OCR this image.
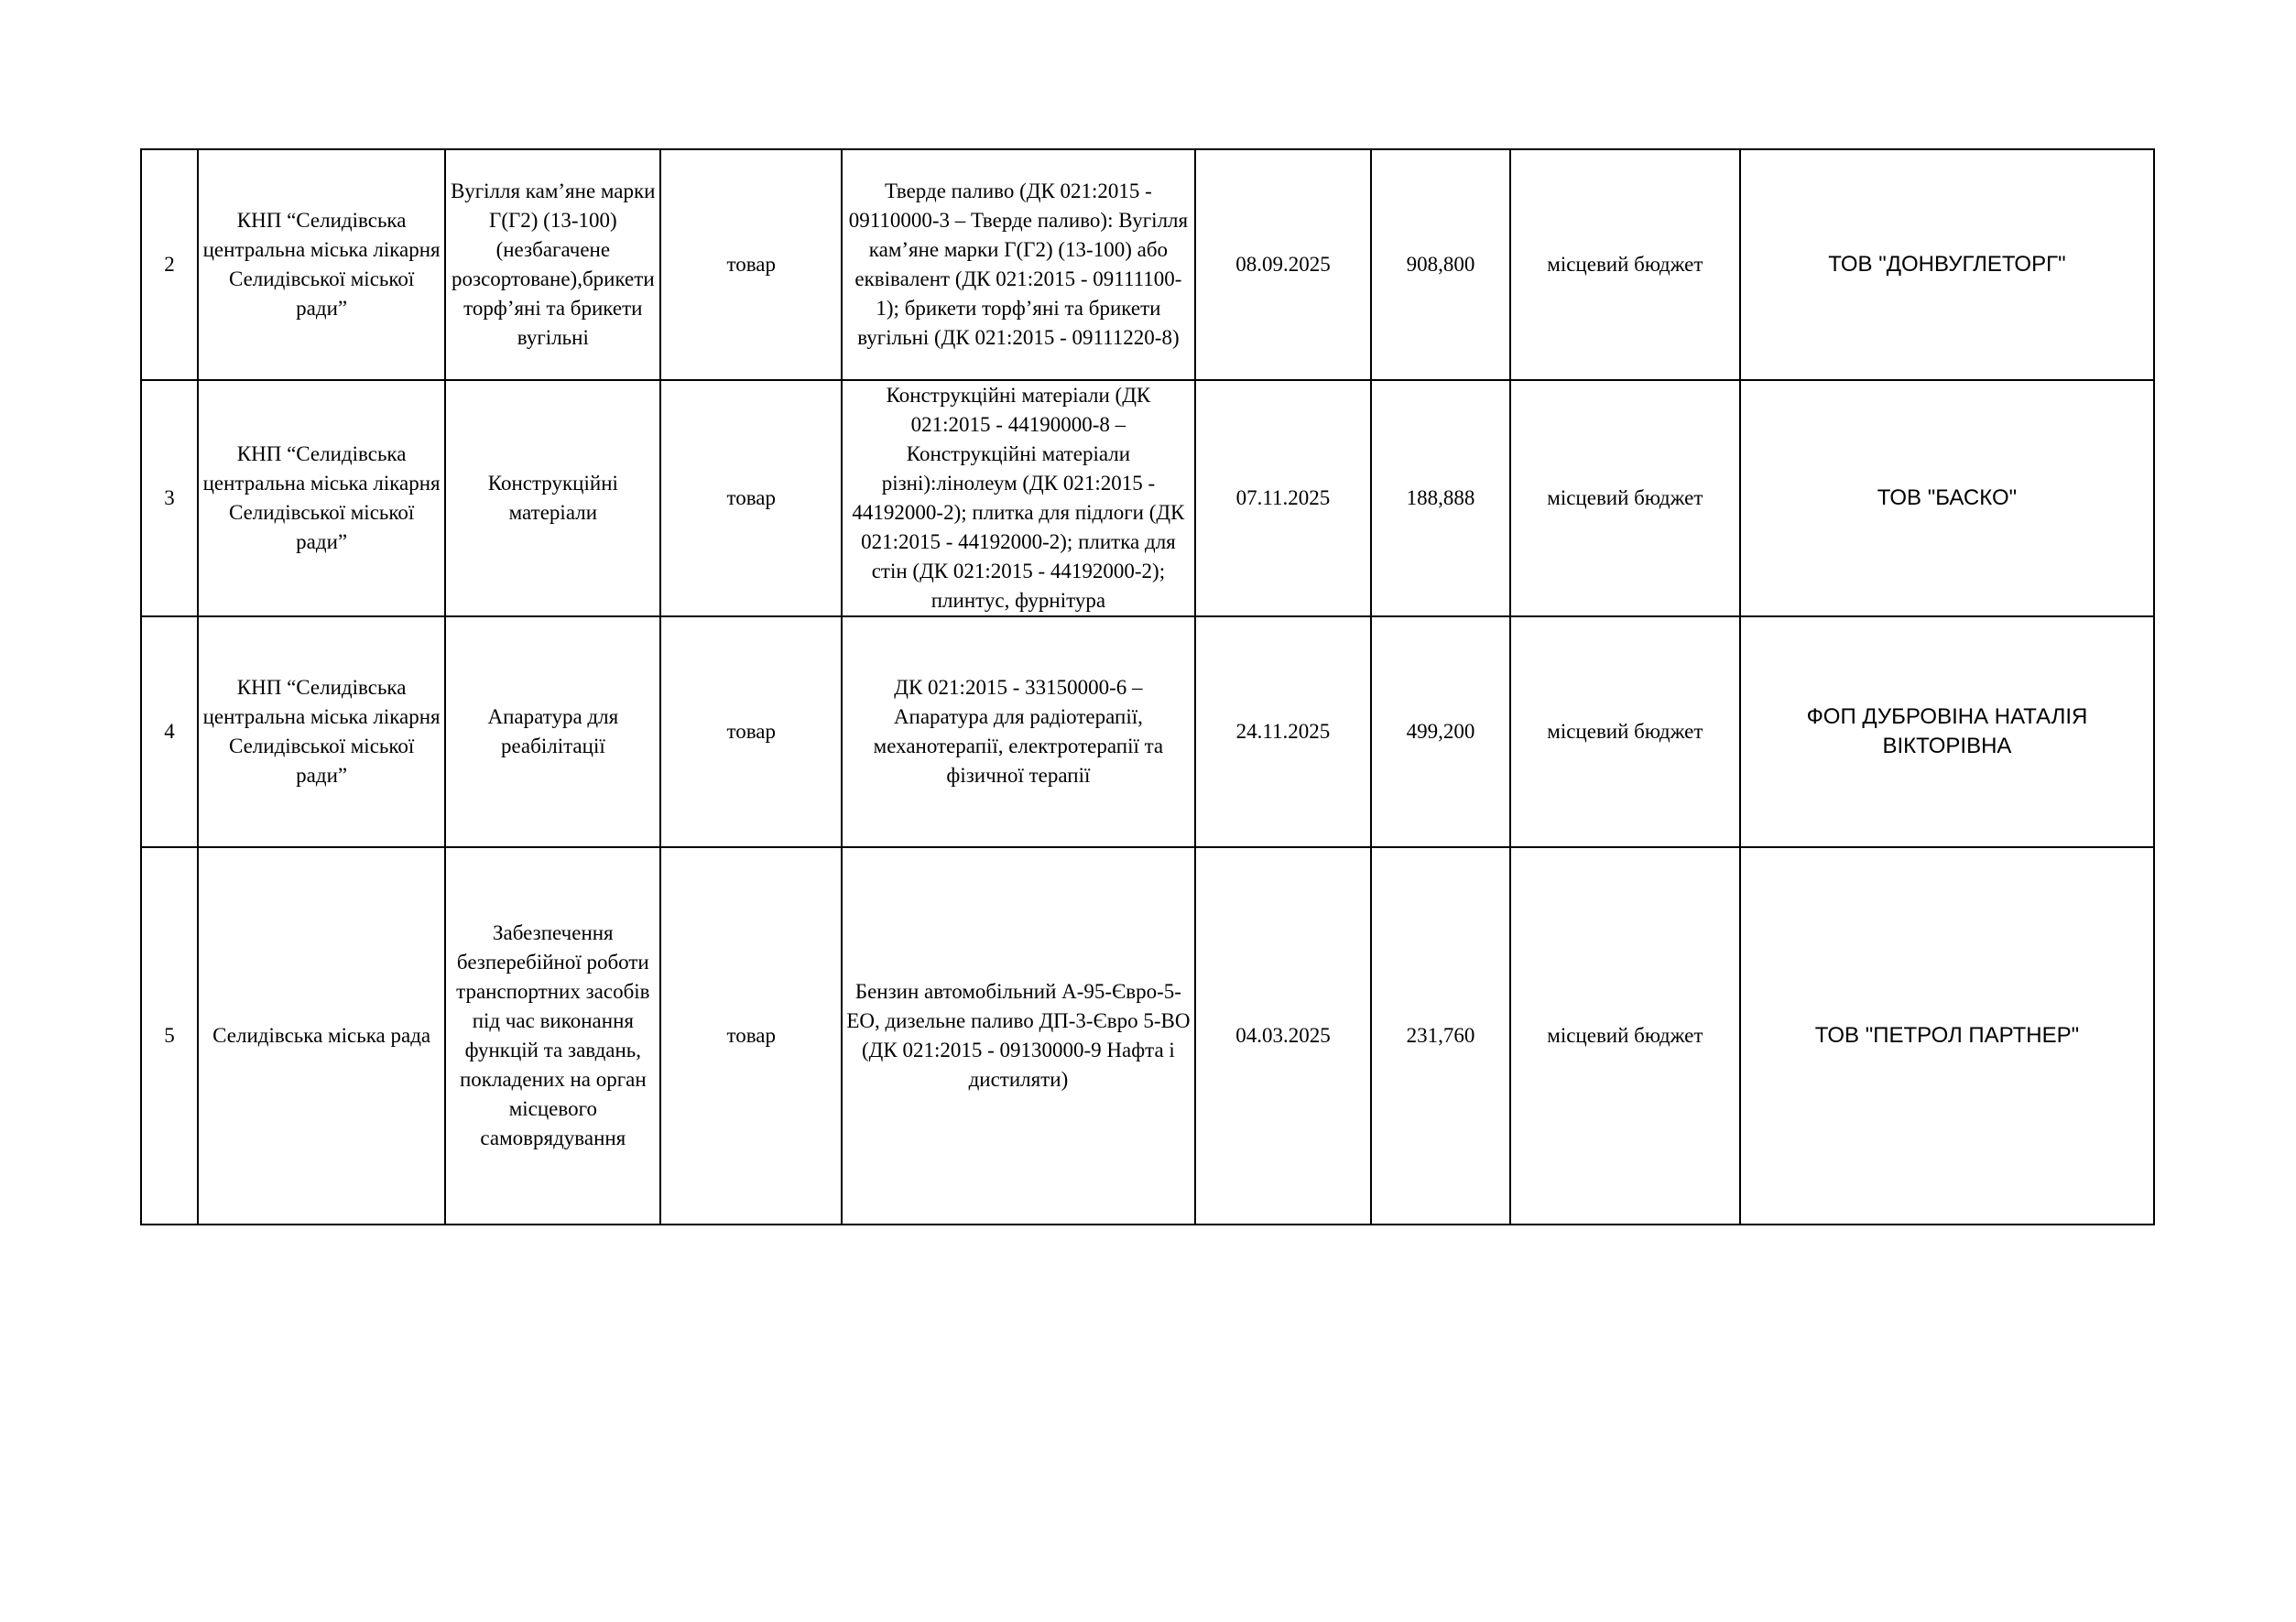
2	КНП “Селидівська центральна міська лікарня Селидівської міської ради”	Вугілля кам’яне марки Г(Г2) (13-100) (незбагачене розсортоване),брикети торф’яні та брикети вугільні	товар	Тверде паливо (ДК 021:2015 - 09110000-3 – Тверде паливо): Вугілля кам’яне марки Г(Г2) (13-100) або еквівалент (ДК 021:2015 - 09111100-1); брикети торф’яні та брикети вугільні (ДК 021:2015 - 09111220-8)	08.09.2025	908,800	місцевий бюджет	ТОВ "ДОНВУГЛЕТОРГ"
3	КНП “Селидівська центральна міська лікарня Селидівської міської ради”	Конструкційні матеріали	товар	Конструкційні матеріали (ДК 021:2015 - 44190000-8 –Конструкційні матеріали різні):лінолеум (ДК 021:2015 - 44192000-2); плитка для підлоги (ДК 021:2015 - 44192000-2); плитка для стін (ДК 021:2015 - 44192000-2); плинтус, фурнітура	07.11.2025	188,888	місцевий бюджет	ТОВ "БАСКО"
4	КНП “Селидівська центральна міська лікарня Селидівської міської ради”	Апаратура для реабілітації	товар	ДК 021:2015 - 33150000-6 – Апаратура для радіотерапії, механотерапії, електротерапії та фізичної терапії	24.11.2025	499,200	місцевий бюджет	ФОП ДУБРОВІНА НАТАЛІЯ ВІКТОРІВНА
5	Селидівська міська рада	Забезпечення безперебійної роботи транспортних засобів під час виконання функцій та завдань, покладених на орган місцевого самоврядування	товар	Бензин автомобільний А-95-Євро-5-ЕО, дизельне паливо ДП-3-Євро 5-ВО (ДК 021:2015 - 09130000-9 Нафта і дистиляти)	04.03.2025	231,760	місцевий бюджет	ТОВ "ПЕТРОЛ ПАРТНЕР"
